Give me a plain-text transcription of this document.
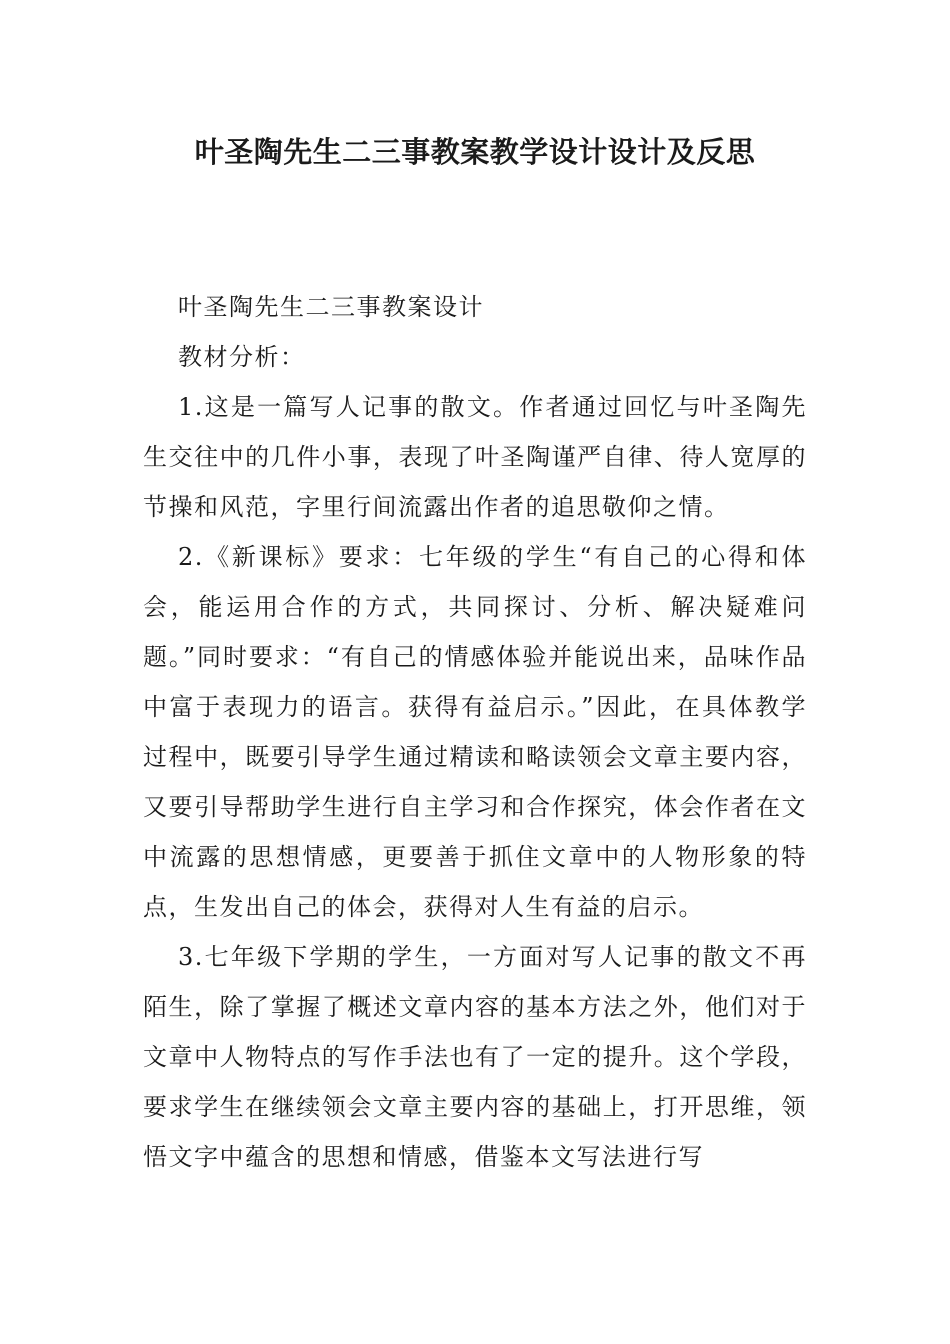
叶圣陶先生二三事教案教学设计设计及反思

叶圣陶先生二三事教案设计

教材分析：

1.这是一篇写人记事的散文。作者通过回忆与叶圣陶先生交往中的几件小事，表现了叶圣陶谨严自律、待人宽厚的节操和风范，字里行间流露出作者的追思敬仰之情。

2.《新课标》要求：七年级的学生“有自己的心得和体会，能运用合作的方式，共同探讨、分析、解决疑难问题。”同时要求：“有自己的情感体验并能说出来，品味作品中富于表现力的语言。获得有益启示。”因此，在具体教学过程中，既要引导学生通过精读和略读领会文章主要内容，又要引导帮助学生进行自主学习和合作探究，体会作者在文中流露的思想情感，更要善于抓住文章中的人物形象的特点，生发出自己的体会，获得对人生有益的启示。

3.七年级下学期的学生，一方面对写人记事的散文不再陌生，除了掌握了概述文章内容的基本方法之外，他们对于文章中人物特点的写作手法也有了一定的提升。这个学段，要求学生在继续领会文章主要内容的基础上，打开思维，领悟文字中蕴含的思想和情感，借鉴本文写法进行写
